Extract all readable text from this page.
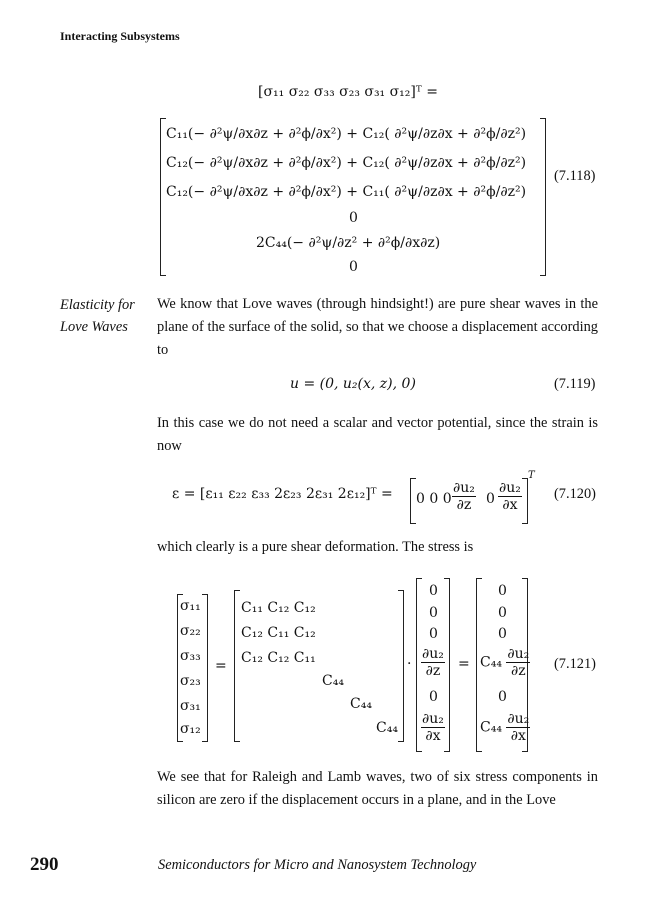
Interacting Subsystems
[σ₁₁ σ₂₂ σ₃₃ σ₂₃ σ₃₁ σ₁₂]ᵀ =
C₁₁(− ∂²ψ/∂x∂z + ∂²ϕ/∂x²) + C₁₂( ∂²ψ/∂z∂x + ∂²ϕ/∂z²)
C₁₂(− ∂²ψ/∂x∂z + ∂²ϕ/∂x²) + C₁₂( ∂²ψ/∂z∂x + ∂²ϕ/∂z²)
C₁₂(− ∂²ψ/∂x∂z + ∂²ϕ/∂x²) + C₁₁( ∂²ψ/∂z∂x + ∂²ϕ/∂z²)
0
2C₄₄(− ∂²ψ/∂z² + ∂²ϕ/∂x∂z)
0
(7.118)
Elasticity for Love Waves
We know that Love waves (through hindsight!) are pure shear waves in the plane of the surface of the solid, so that we choose a displacement according to
u = (0, u₂(x, z), 0)	(7.119)
In this case we do not need a scalar and vector potential, since the strain is now
ε = [ε₁₁ ε₂₂ ε₃₃ 2ε₂₃ 2ε₃₁ 2ε₁₂]ᵀ = 0 0 $0 \frac{\text{∂u₂}}{\partial z} 0 \frac{\text{∂u₂}}{\partial x}$
T
(7.120)
which clearly is a pure shear deformation. The stress is
σ₁₁
σ₂₂
σ₃₃
σ₂₃
σ₃₁
σ₁₂
=
C₁₁ C₁₂ C₁₂
C₁₂ C₁₁ C₁₂
C₁₂ C₁₂ C₁₁
C₄₄
C₄₄
C₄₄
·
0
0
0
$\frac{\text{∂u₂}}{\partial z}$
0
$\frac{\text{∂u₂}}{\partial x}$
=
0
0
0
$C_{44} \frac{\text{∂u₂}}{\partial z}$
0
$C_{44} \frac{\text{∂u₂}}{\partial x}$
(7.121)
We see that for Raleigh and Lamb waves, two of six stress components in silicon are zero if the displacement occurs in a plane, and in the Love
290	Semiconductors for Micro and Nanosystem Technology
